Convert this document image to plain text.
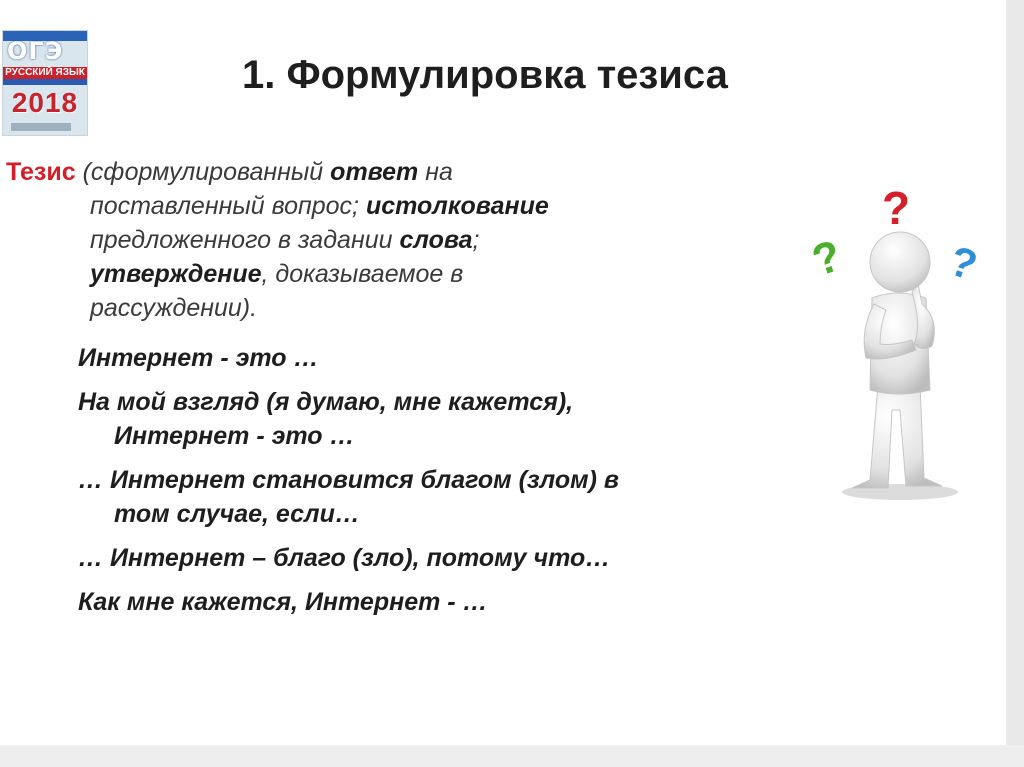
ОГЭ
РУССКИЙ ЯЗЫК
2018
1. Формулировка тезиса
Тезис (сформулированный ответ на
поставленный вопрос; истолкование
предложенного в задании слова;
утверждение, доказываемое в
рассуждении).
Интернет - это …
На мой взгляд (я думаю, мне кажется),
Интернет - это …
… Интернет становится благом (злом) в
том случае, если…
… Интернет – благо (зло), потому что…
Как мне кажется, Интернет - …
?
? ?
